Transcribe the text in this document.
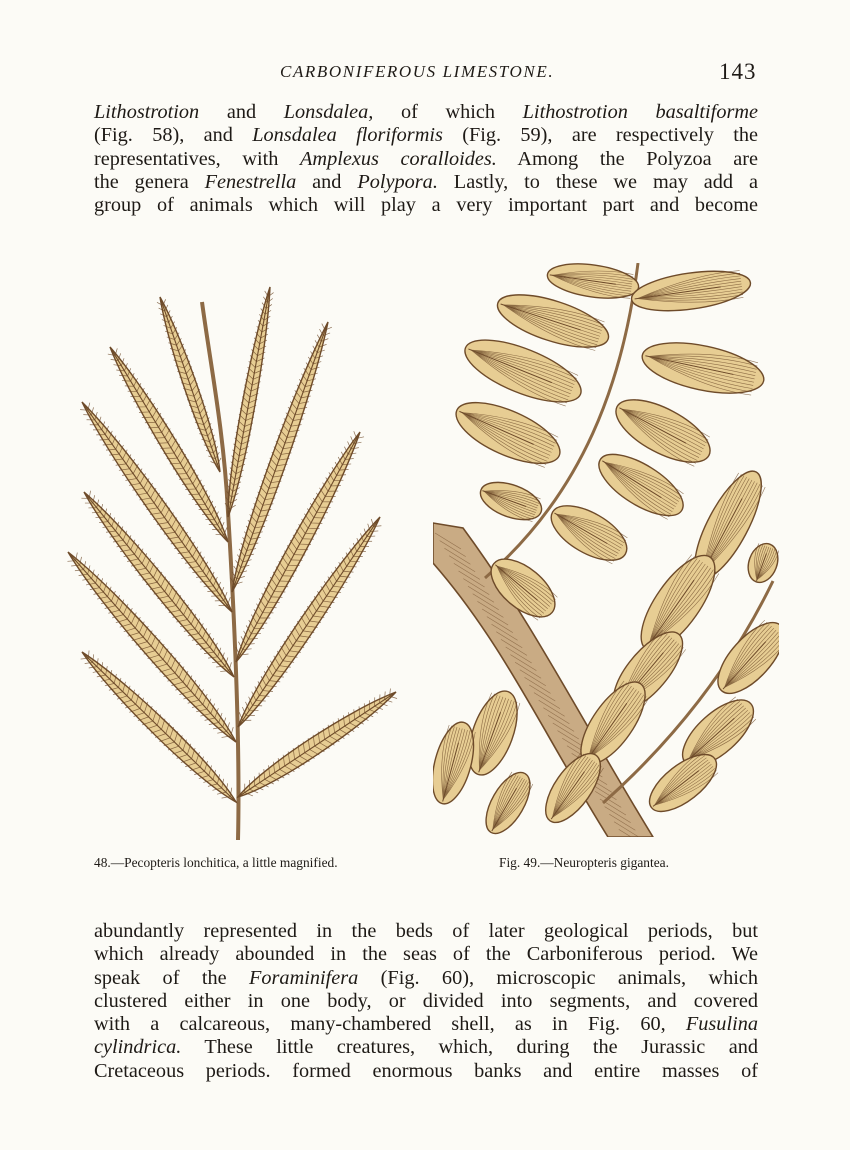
CARBONIFEROUS LIMESTONE.	143
Lithostrotion and Lonsdalea, of which Lithostrotion basaltiforme
(Fig. 58), and Lonsdalea floriformis (Fig. 59), are respectively the
representatives, with Amplexus coralloides. Among the Polyzoa are
the genera Fenestrella and Polypora. Lastly, to these we may add a
group of animals which will play a very important part and become
48.—Pecopteris lonchitica, a little magnified.	Fig. 49.—Neuropteris gigantea.
abundantly represented in the beds of later geological periods, but
which already abounded in the seas of the Carboniferous period. We
speak of the Foraminifera (Fig. 60), microscopic animals, which
clustered either in one body, or divided into segments, and covered
with a calcareous, many-chambered shell, as in Fig. 60, Fusulina
cylindrica. These little creatures, which, during the Jurassic and
Cretaceous periods. formed enormous banks and entire masses of
